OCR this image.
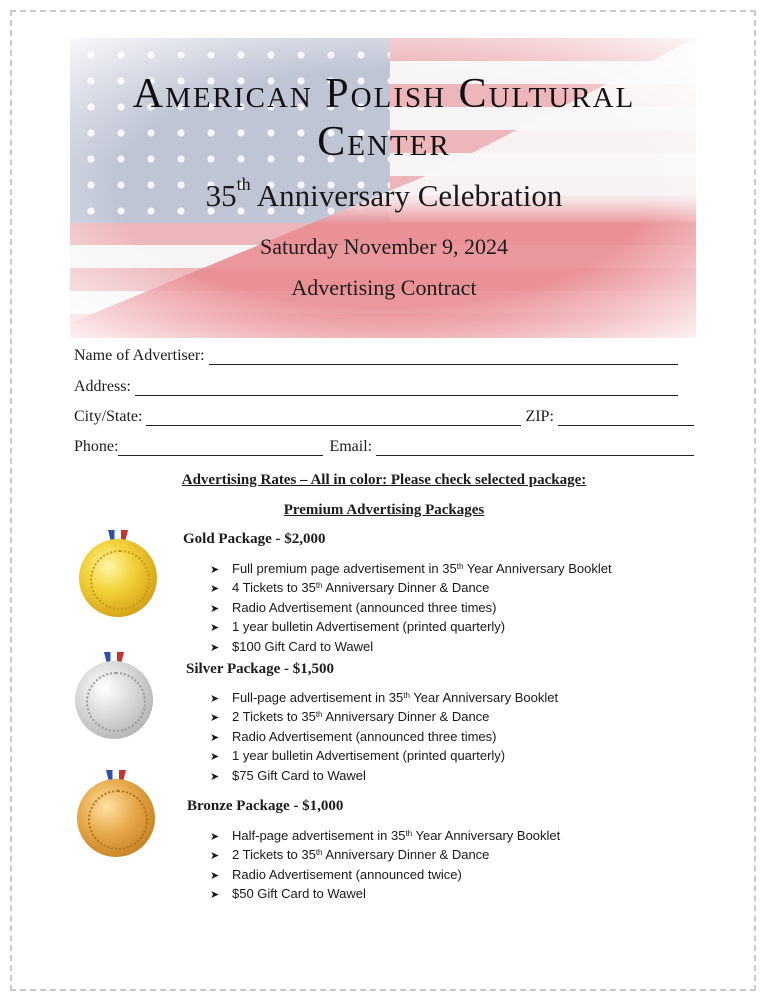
American Polish Cultural
Center
35th Anniversary Celebration
Saturday November 9, 2024
Advertising Contract
Name of Advertiser:
Address:
City/State:	ZIP:
Phone:	Email:
Advertising Rates – All in color: Please check selected package:
Premium Advertising Packages
Gold Package - $2,000
➤ Full premium page advertisement in 35th Year Anniversary Booklet
➤ 4 Tickets to 35th Anniversary Dinner & Dance
➤ Radio Advertisement (announced three times)
➤ 1 year bulletin Advertisement (printed quarterly)
➤ $100 Gift Card to Wawel
Silver Package - $1,500
➤ Full-page advertisement in 35th Year Anniversary Booklet
➤ 2 Tickets to 35th Anniversary Dinner & Dance
➤ Radio Advertisement (announced three times)
➤ 1 year bulletin Advertisement (printed quarterly)
➤ $75 Gift Card to Wawel
Bronze Package - $1,000
➤ Half-page advertisement in 35th Year Anniversary Booklet
➤ 2 Tickets to 35th Anniversary Dinner & Dance
➤ Radio Advertisement (announced twice)
➤ $50 Gift Card to Wawel
